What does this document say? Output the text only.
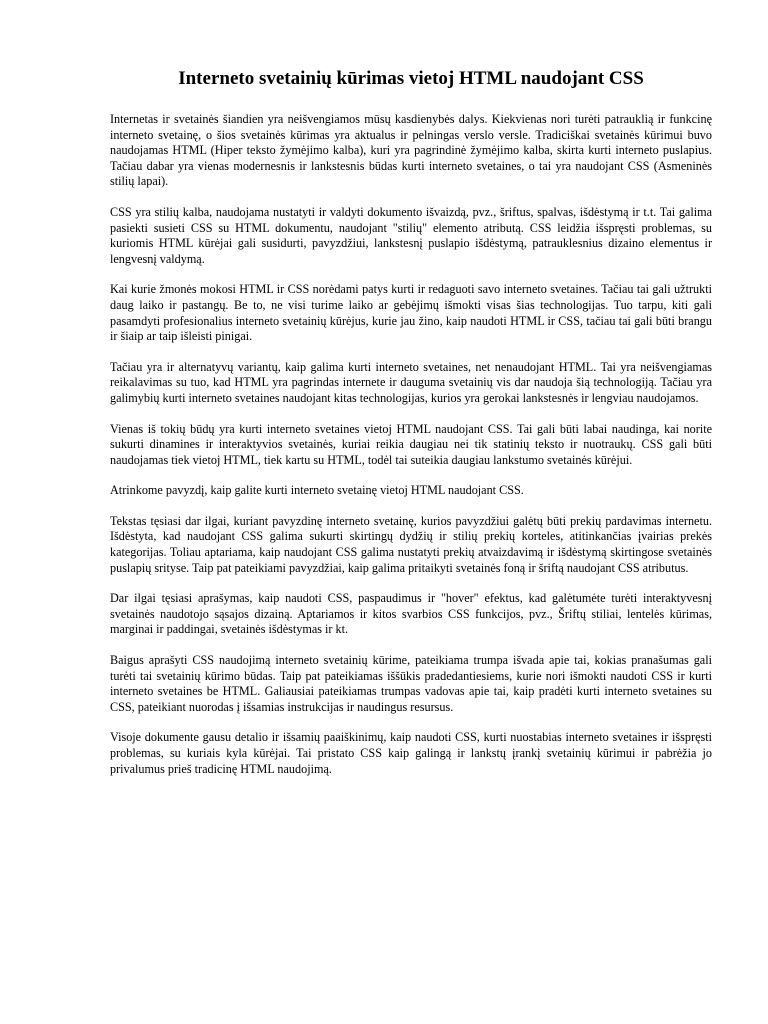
Interneto svetainių kūrimas vietoj HTML naudojant CSS

Internetas ir svetainės šiandien yra neišvengiamos mūsų kasdienybės dalys. Kiekvienas nori turėti patrauklią ir funkcinę interneto svetainę, o šios svetainės kūrimas yra aktualus ir pelningas verslo versle. Tradiciškai svetainės kūrimui buvo naudojamas HTML (Hiper teksto žymėjimo kalba), kuri yra pagrindinė žymėjimo kalba, skirta kurti interneto puslapius. Tačiau dabar yra vienas modernesnis ir lankstesnis būdas kurti interneto svetaines, o tai yra naudojant CSS (Asmeninės stilių lapai).

CSS yra stilių kalba, naudojama nustatyti ir valdyti dokumento išvaizdą, pvz., šriftus, spalvas, išdėstymą ir t.t. Tai galima pasiekti susieti CSS su HTML dokumentu, naudojant "stilių" elemento atributą. CSS leidžia išspręsti problemas, su kuriomis HTML kūrėjai gali susidurti, pavyzdžiui, lankstesnį puslapio išdėstymą, patrauklesnius dizaino elementus ir lengvesnį valdymą.

Kai kurie žmonės mokosi HTML ir CSS norėdami patys kurti ir redaguoti savo interneto svetaines. Tačiau tai gali užtrukti daug laiko ir pastangų. Be to, ne visi turime laiko ar gebėjimų išmokti visas šias technologijas. Tuo tarpu, kiti gali pasamdyti profesionalius interneto svetainių kūrėjus, kurie jau žino, kaip naudoti HTML ir CSS, tačiau tai gali būti brangu ir šiaip ar taip išleisti pinigai.

Tačiau yra ir alternatyvų variantų, kaip galima kurti interneto svetaines, net nenaudojant HTML. Tai yra neišvengiamas reikalavimas su tuo, kad HTML yra pagrindas internete ir dauguma svetainių vis dar naudoja šią technologiją. Tačiau yra galimybių kurti interneto svetaines naudojant kitas technologijas, kurios yra gerokai lankstesnės ir lengviau naudojamos.

Vienas iš tokių būdų yra kurti interneto svetaines vietoj HTML naudojant CSS. Tai gali būti labai naudinga, kai norite sukurti dinamines ir interaktyvios svetainės, kuriai reikia daugiau nei tik statinių teksto ir nuotraukų. CSS gali būti naudojamas tiek vietoj HTML, tiek kartu su HTML, todėl tai suteikia daugiau lankstumo svetainės kūrėjui.

Atrinkome pavyzdį, kaip galite kurti interneto svetainę vietoj HTML naudojant CSS.

Tekstas tęsiasi dar ilgai, kuriant pavyzdinę interneto svetainę, kurios pavyzdžiui galėtų būti prekių pardavimas internetu. Išdėstyta, kad naudojant CSS galima sukurti skirtingų dydžių ir stilių prekių korteles, atitinkančias įvairias prekės kategorijas. Toliau aptariama, kaip naudojant CSS galima nustatyti prekių atvaizdavimą ir išdėstymą skirtingose svetainės puslapių srityse. Taip pat pateikiami pavyzdžiai, kaip galima pritaikyti svetainės foną ir šriftą naudojant CSS atributus.

Dar ilgai tęsiasi aprašymas, kaip naudoti CSS, paspaudimus ir "hover" efektus, kad galėtumėte turėti interaktyvesnį svetainės naudotojo sąsajos dizainą. Aptariamos ir kitos svarbios CSS funkcijos, pvz., Šriftų stiliai, lentelės kūrimas, marginai ir paddingai, svetainės išdėstymas ir kt.

Baigus aprašyti CSS naudojimą interneto svetainių kūrime, pateikiama trumpa išvada apie tai, kokias pranašumas gali turėti tai svetainių kūrimo būdas. Taip pat pateikiamas iššūkis pradedantiesiems, kurie nori išmokti naudoti CSS ir kurti interneto svetaines be HTML. Galiausiai pateikiamas trumpas vadovas apie tai, kaip pradėti kurti interneto svetaines su CSS, pateikiant nuorodas į išsamias instrukcijas ir naudingus resursus.

Visoje dokumente gausu detalio ir išsamių paaiškinimų, kaip naudoti CSS, kurti nuostabias interneto svetaines ir išspręsti problemas, su kuriais kyla kūrėjai. Tai pristato CSS kaip galingą ir lankstų įrankį svetainių kūrimui ir pabrėžia jo privalumus prieš tradicinę HTML naudojimą.
